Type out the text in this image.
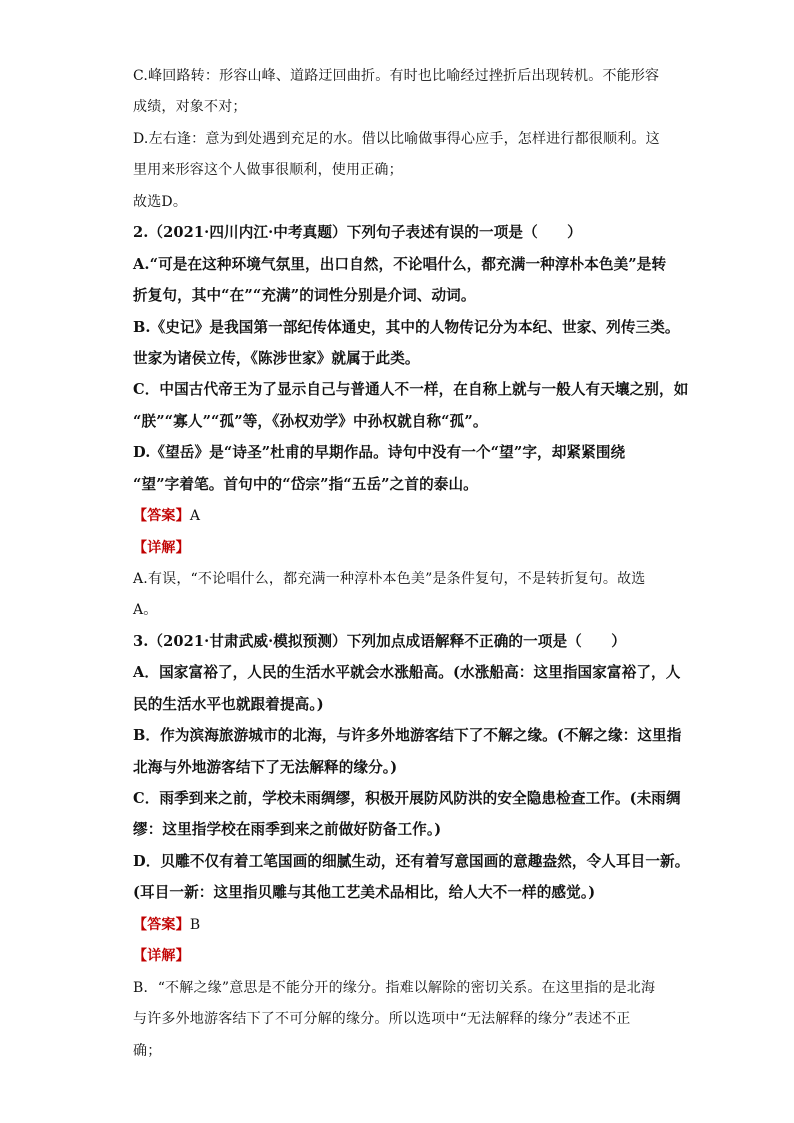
C.峰回路转：形容山峰、道路迂回曲折。有时也比喻经过挫折后出现转机。不能形容
成绩，对象不对；
D.左右逢：意为到处遇到充足的水。借以比喻做事得心应手，怎样进行都很顺利。这
里用来形容这个人做事很顺利，使用正确；
故选D。
2.（2021·四川内江·中考真题）下列句子表述有误的一项是（　　）
A.“可是在这种环境气氛里，出口自然，不论唱什么，都充满一种淳朴本色美”是转
折复句，其中“在”“充满”的词性分别是介词、动词。
B.《史记》是我国第一部纪传体通史，其中的人物传记分为本纪、世家、列传三类。
世家为诸侯立传，《陈涉世家》就属于此类。
C．中国古代帝王为了显示自己与普通人不一样，在自称上就与一般人有天壤之别，如
“朕”“寡人”“孤”等，《孙权劝学》中孙权就自称“孤”。
D.《望岳》是“诗圣”杜甫的早期作品。诗句中没有一个“望”字，却紧紧围绕
“望”字着笔。首句中的“岱宗”指“五岳”之首的泰山。
【答案】A
【详解】
A.有误，“不论唱什么，都充满一种淳朴本色美”是条件复句，不是转折复句。故选
A。
3.（2021·甘肃武威·模拟预测）下列加点成语解释不正确的一项是（　　）
A．国家富裕了，人民的生活水平就会水涨船高。(水涨船高：这里指国家富裕了，人
民的生活水平也就跟着提高。)
B．作为滨海旅游城市的北海，与许多外地游客结下了不解之缘。(不解之缘：这里指
北海与外地游客结下了无法解释的缘分。)
C．雨季到来之前，学校未雨绸缪，积极开展防风防洪的安全隐患检查工作。(未雨绸
缪：这里指学校在雨季到来之前做好防备工作。)
D．贝雕不仅有着工笔国画的细腻生动，还有着写意国画的意趣盎然，令人耳目一新。
(耳目一新：这里指贝雕与其他工艺美术品相比，给人大不一样的感觉。)
【答案】B
【详解】
B．“不解之缘”意思是不能分开的缘分。指难以解除的密切关系。在这里指的是北海
与许多外地游客结下了不可分解的缘分。所以选项中“无法解释的缘分”表述不正
确；
